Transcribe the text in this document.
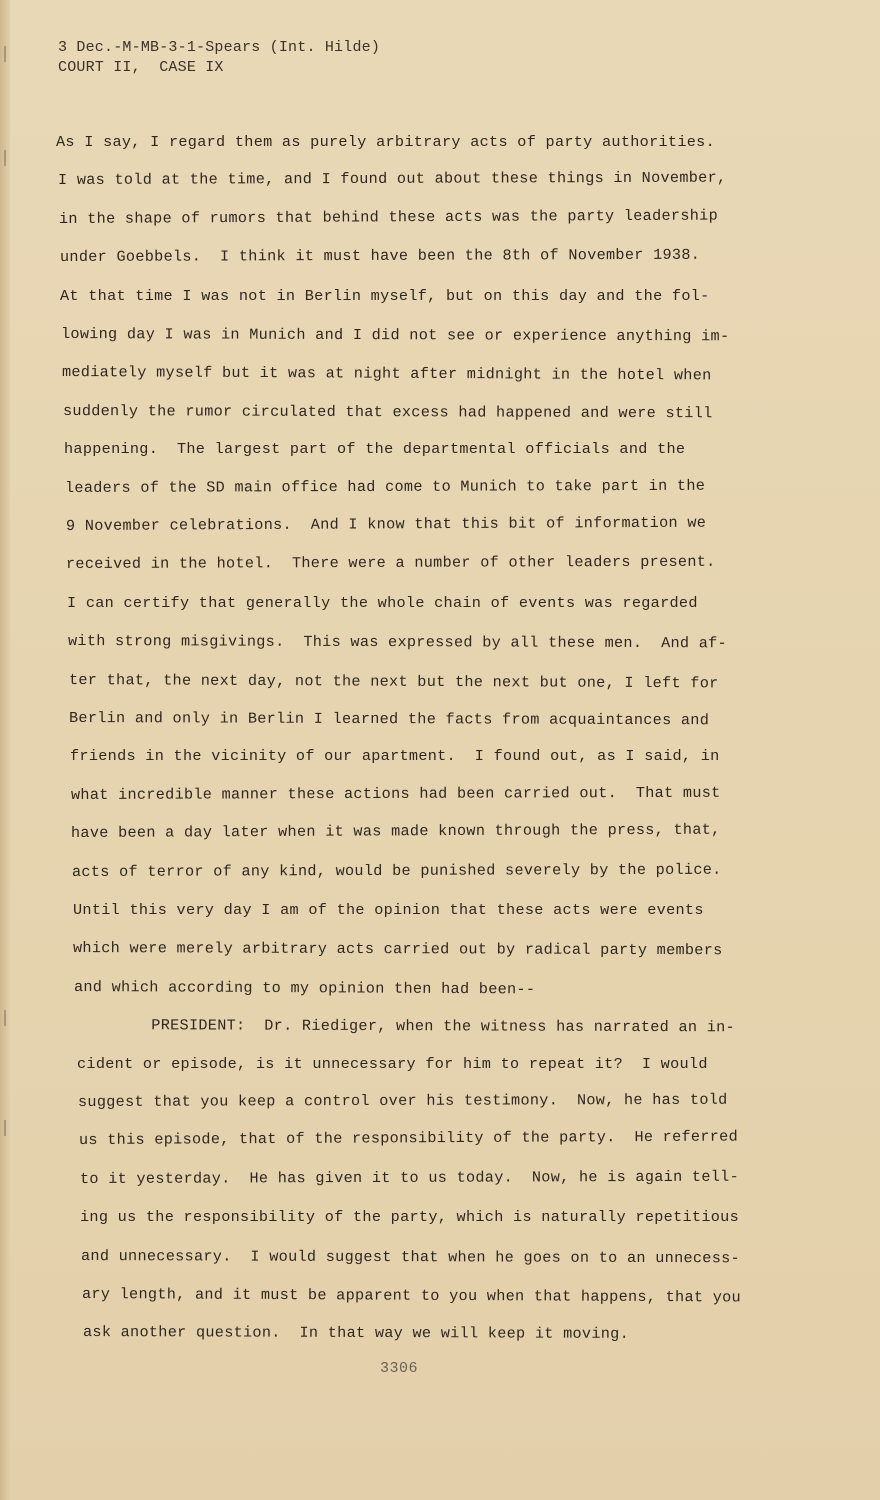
3 Dec.-M-MB-3-1-Spears (Int. Hilde)
COURT II,  CASE IX
As I say, I regard them as purely arbitrary acts of party authorities.
I was told at the time, and I found out about these things in November,
in the shape of rumors that behind these acts was the party leadership
under Goebbels.  I think it must have been the 8th of November 1938.
At that time I was not in Berlin myself, but on this day and the fol-
lowing day I was in Munich and I did not see or experience anything im-
mediately myself but it was at night after midnight in the hotel when
suddenly the rumor circulated that excess had happened and were still
happening.  The largest part of the departmental officials and the
leaders of the SD main office had come to Munich to take part in the
9 November celebrations.  And I know that this bit of information we
received in the hotel.  There were a number of other leaders present.
I can certify that generally the whole chain of events was regarded
with strong misgivings.  This was expressed by all these men.  And af-
ter that, the next day, not the next but the next but one, I left for
Berlin and only in Berlin I learned the facts from acquaintances and
friends in the vicinity of our apartment.  I found out, as I said, in
what incredible manner these actions had been carried out.  That must
have been a day later when it was made known through the press, that,
acts of terror of any kind, would be punished severely by the police.
Until this very day I am of the opinion that these acts were events
which were merely arbitrary acts carried out by radical party members
and which according to my opinion then had been--
PRESIDENT:  Dr. Riediger, when the witness has narrated an in-
cident or episode, is it unnecessary for him to repeat it?  I would
suggest that you keep a control over his testimony.  Now, he has told
us this episode, that of the responsibility of the party.  He referred
to it yesterday.  He has given it to us today.  Now, he is again tell-
ing us the responsibility of the party, which is naturally repetitious
and unnecessary.  I would suggest that when he goes on to an unnecess-
ary length, and it must be apparent to you when that happens, that you
ask another question.  In that way we will keep it moving.
3306
